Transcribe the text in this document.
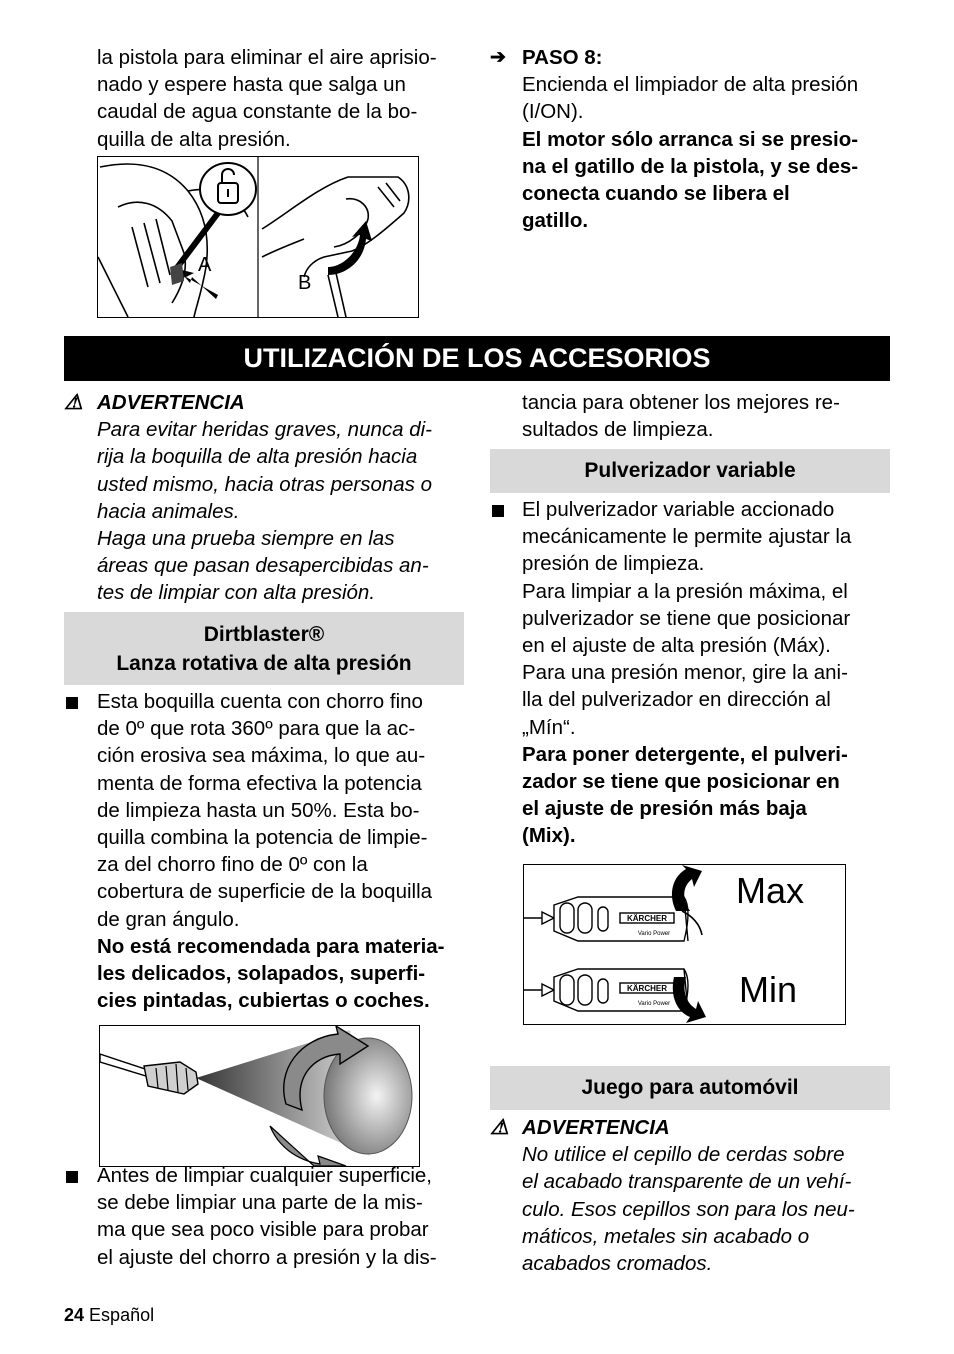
la pistola para eliminar el aire aprisio-
nado y espere hasta que salga un
caudal de agua constante de la bo-
quilla de alta presión.
A
B
➔ PASO 8:
Encienda el limpiador de alta presión
(I/ON).
El motor sólo arranca si se presio-
na el gatillo de la pistola, y se des-
conecta cuando se libera el
gatillo.
UTILIZACIÓN DE LOS ACCESORIOS
⚠ ADVERTENCIA
Para evitar heridas graves, nunca di-
rija la boquilla de alta presión hacia
usted mismo, hacia otras personas o
hacia animales.
Haga una prueba siempre en las
áreas que pasan desapercibidas an-
tes de limpiar con alta presión.
Dirtblaster®
Lanza rotativa de alta presión
Esta boquilla cuenta con chorro fino
de 0º que rota 360º para que la ac-
ción erosiva sea máxima, lo que au-
menta de forma efectiva la potencia
de limpieza hasta un 50%. Esta bo-
quilla combina la potencia de limpie-
za del chorro fino de 0º con la
cobertura de superficie de la boquilla
de gran ángulo.
No está recomendada para materia-
les delicados, solapados, superfi-
cies pintadas, cubiertas o coches.
Antes de limpiar cualquier superficie,
se debe limpiar una parte de la mis-
ma que sea poco visible para probar
el ajuste del chorro a presión y la dis-
tancia para obtener los mejores re-
sultados de limpieza.
Pulverizador variable
El pulverizador variable accionado
mecánicamente le permite ajustar la
presión de limpieza.
Para limpiar a la presión máxima, el
pulverizador se tiene que posicionar
en el ajuste de alta presión (Máx).
Para una presión menor, gire la ani-
lla del pulverizador en dirección al
„Mín“.
Para poner detergente, el pulveri-
zador se tiene que posicionar en
el ajuste de presión más baja
(Mix).
KÄRCHER
Vario Power
Max
KÄRCHER
Vario Power Min
Juego para automóvil
⚠ ADVERTENCIA
No utilice el cepillo de cerdas sobre
el acabado transparente de un vehí-
culo. Esos cepillos son para los neu-
máticos, metales sin acabado o
acabados cromados.
24 Español
